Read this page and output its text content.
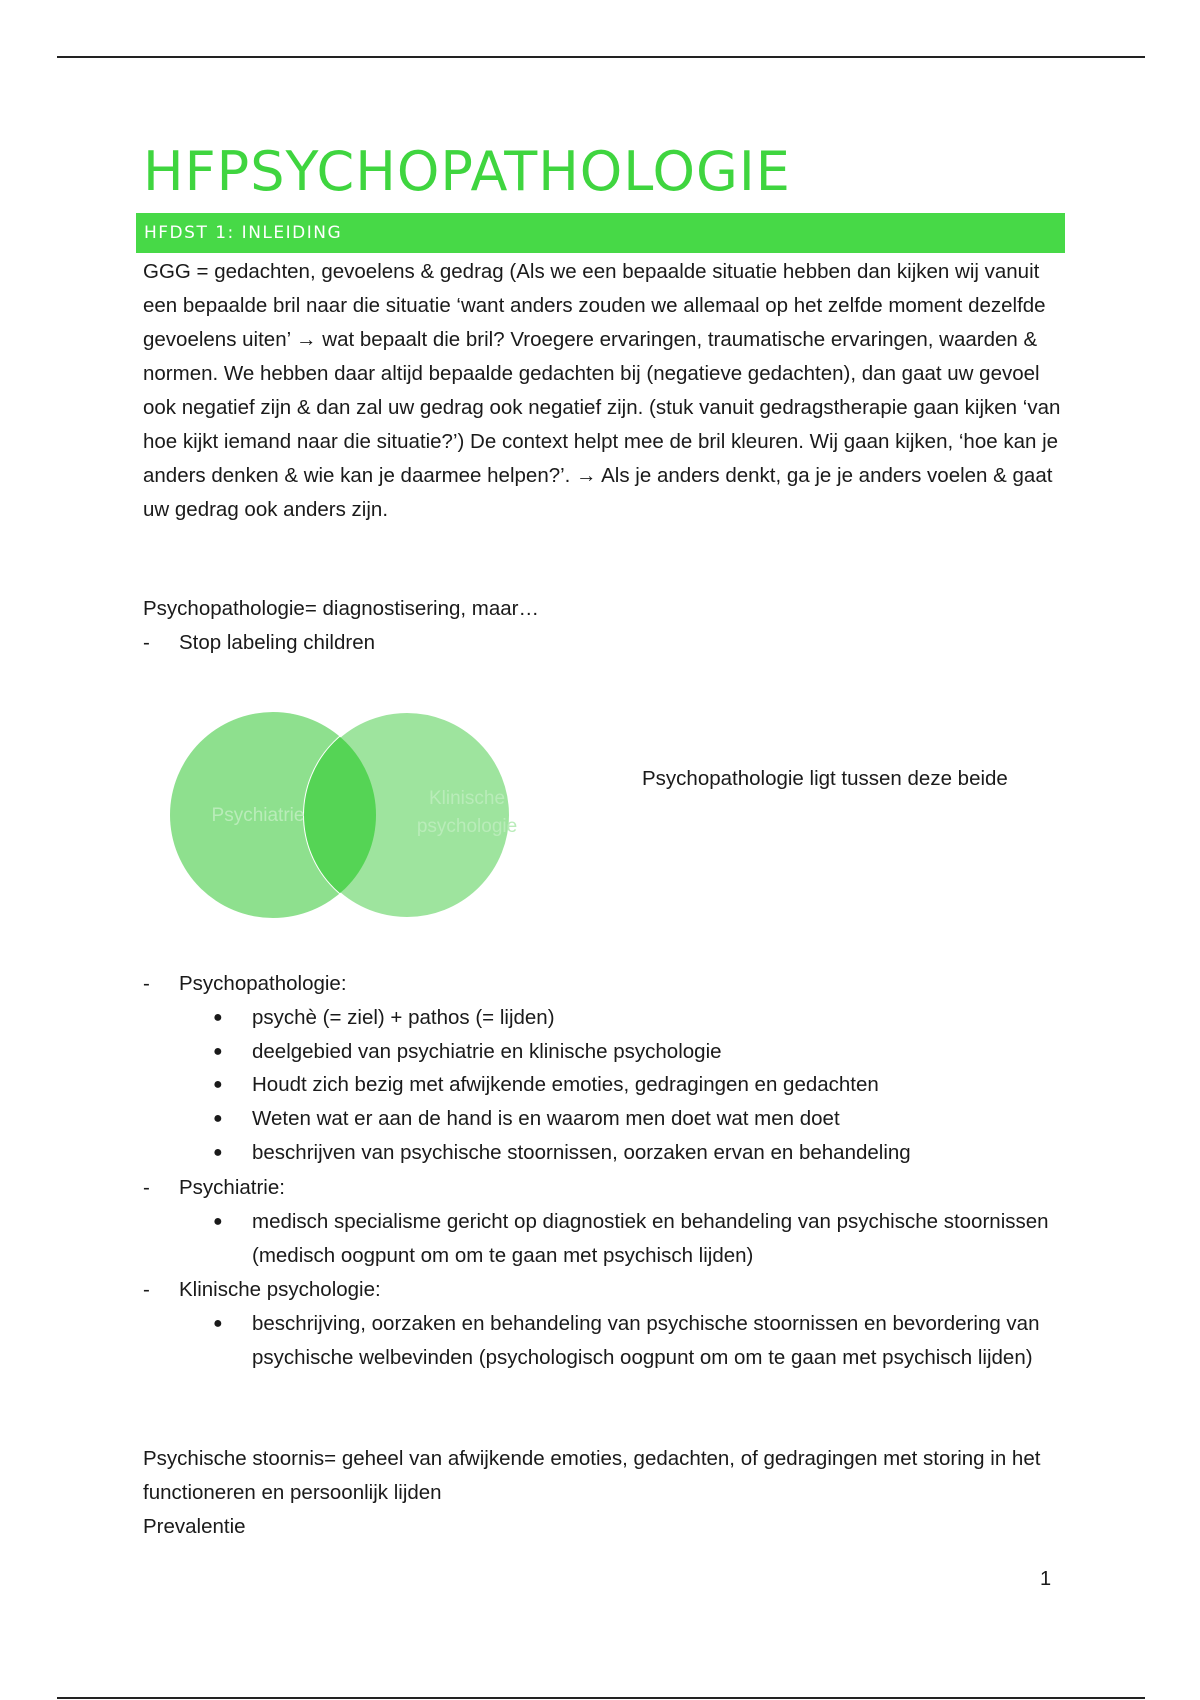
HFPSYCHOPATHOLOGIE
HFDST 1: INLEIDING

GGG = gedachten, gevoelens & gedrag (Als we een bepaalde situatie hebben dan kijken wij vanuit een bepaalde bril naar die situatie ‘want anders zouden we allemaal op het zelfde moment dezelfde gevoelens uiten’ → wat bepaalt die bril? Vroegere ervaringen, traumatische ervaringen, waarden & normen. We hebben daar altijd bepaalde gedachten bij (negatieve gedachten), dan gaat uw gevoel ook negatief zijn & dan zal uw gedrag ook negatief zijn. (stuk vanuit gedragstherapie gaan kijken ‘van hoe kijkt iemand naar die situatie?’) De context helpt mee de bril kleuren. Wij gaan kijken, ‘hoe kan je anders denken & wie kan je daarmee helpen?’. → Als je anders denkt, ga je je anders voelen & gaat uw gedrag ook anders zijn.

Psychopathologie= diagnostisering, maar…
- Stop labeling children
Psychiatrie
Klinische
psychologie
Psychopathologie ligt tussen deze beide
- Psychopathologie:
● psychè (= ziel) + pathos (= lijden)
● deelgebied van psychiatrie en klinische psychologie
● Houdt zich bezig met afwijkende emoties, gedragingen en gedachten
● Weten wat er aan de hand is en waarom men doet wat men doet
● beschrijven van psychische stoornissen, oorzaken ervan en behandeling
- Psychiatrie:
● medisch specialisme gericht op diagnostiek en behandeling van psychische stoornissen (medisch oogpunt om om te gaan met psychisch lijden)
- Klinische psychologie:
● beschrijving, oorzaken en behandeling van psychische stoornissen en bevordering van psychische welbevinden (psychologisch oogpunt om om te gaan met psychisch lijden)

Psychische stoornis= geheel van afwijkende emoties, gedachten, of gedragingen met storing in het functioneren en persoonlijk lijden

Prevalentie
1
